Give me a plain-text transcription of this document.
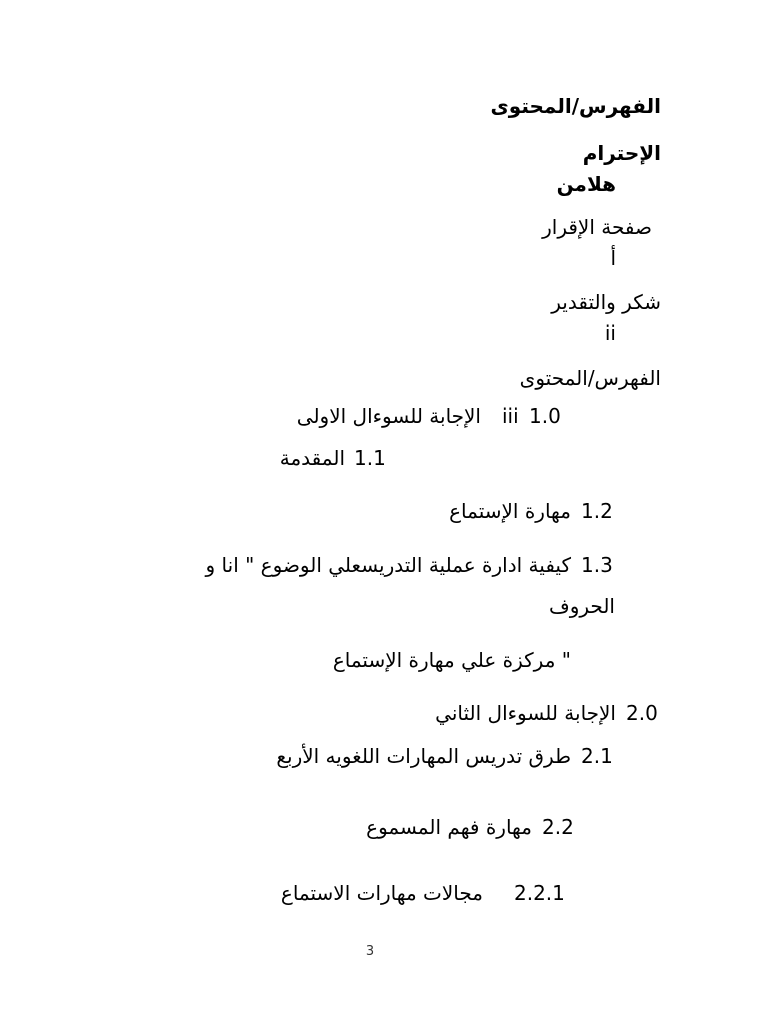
الفهرس/المحتوى
الإحترام
هلامن
صفحة الإقرار
أ
شكر والتقدير
ii
الفهرس/المحتوى
1.0
iii
الإجابة للسوءال الاولى
1.1
المقدمة
1.2
مهارة الإستماع
1.3
كيفية ادارة عملية التدريسعلي الوضوع " انا و
الحروف
" مركزة علي مهارة الإستماع
2.0
الإجابة للسوءال الثاني
2.1
طرق تدريس المهارات اللغويه الأربع
2.2
مهارة فهم المسموع
2.2.1
مجالات مهارات الاستماع
3
